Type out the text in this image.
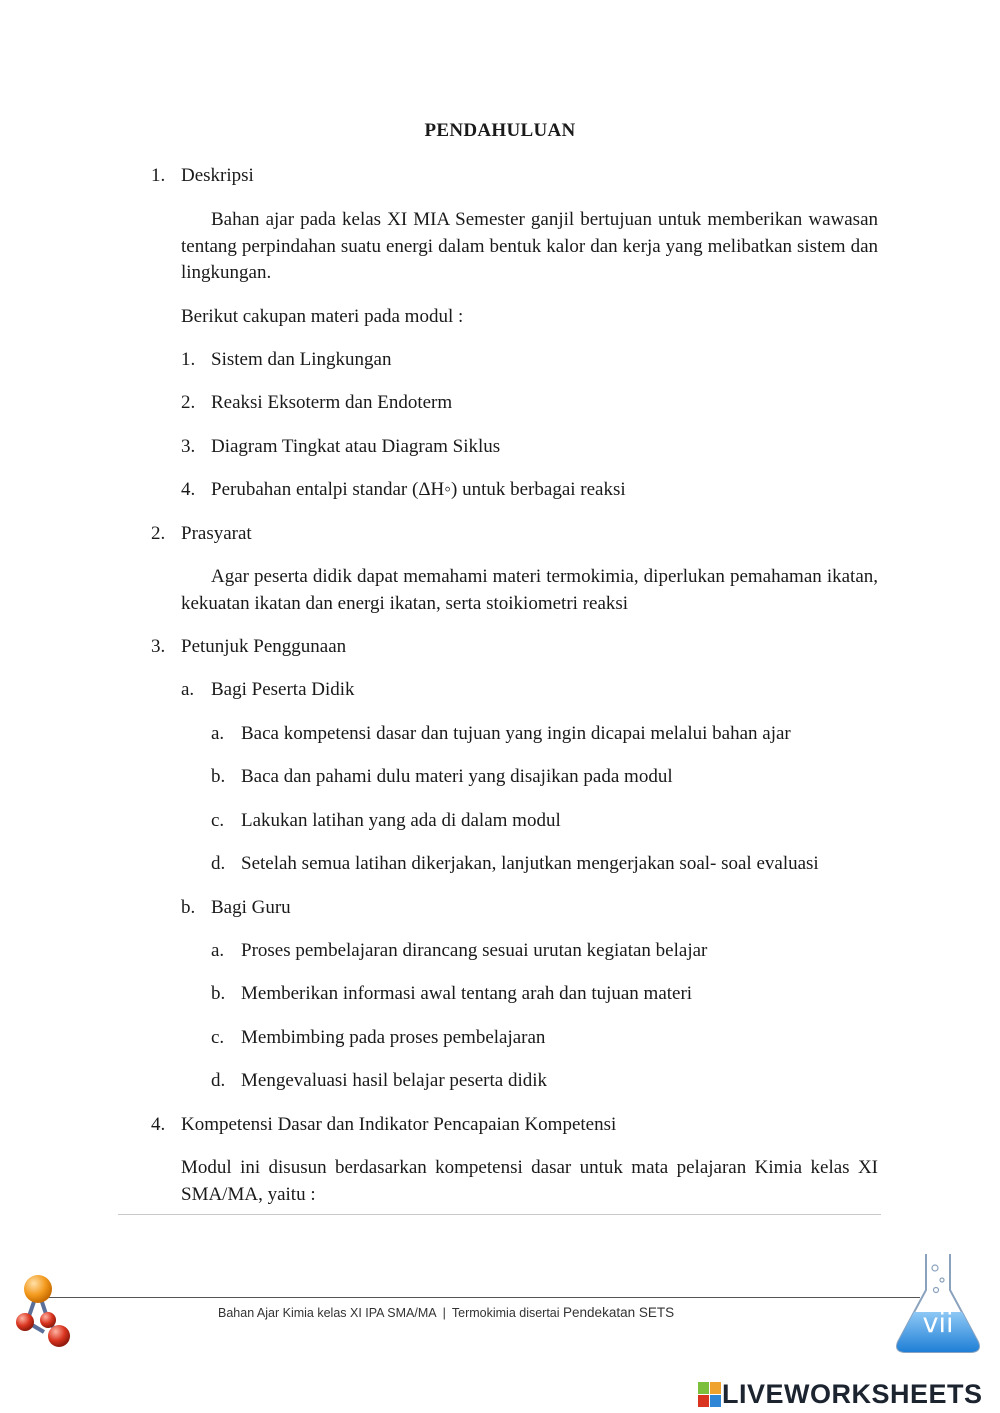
PENDAHULUAN
1. Deskripsi
Bahan ajar pada kelas XI MIA Semester ganjil bertujuan untuk memberikan wawasan tentang perpindahan suatu energi dalam bentuk kalor dan kerja yang melibatkan sistem dan lingkungan.
Berikut cakupan materi pada modul :
1. Sistem dan Lingkungan
2. Reaksi Eksoterm dan Endoterm
3. Diagram Tingkat atau Diagram Siklus
4. Perubahan entalpi standar (ΔH◦) untuk berbagai reaksi
2. Prasyarat
Agar peserta didik dapat memahami materi termokimia, diperlukan pemahaman ikatan, kekuatan ikatan dan energi ikatan, serta stoikiometri reaksi
3. Petunjuk Penggunaan
a. Bagi Peserta Didik
a. Baca kompetensi dasar dan tujuan yang ingin dicapai melalui bahan ajar
b. Baca dan pahami dulu materi yang disajikan pada modul
c. Lakukan latihan yang ada di dalam modul
d. Setelah semua latihan dikerjakan, lanjutkan mengerjakan soal- soal evaluasi
b. Bagi Guru
a. Proses pembelajaran dirancang sesuai urutan kegiatan belajar
b. Memberikan informasi awal tentang arah dan tujuan materi
c. Membimbing pada proses pembelajaran
d. Mengevaluasi hasil belajar peserta didik
4. Kompetensi Dasar dan Indikator Pencapaian Kompetensi
Modul ini disusun berdasarkan kompetensi dasar untuk mata pelajaran Kimia kelas XI SMA/MA, yaitu :
Bahan Ajar Kimia kelas XI IPA SMA/MA | Termokimia disertai Pendekatan SETS	vii
LIVEWORKSHEETS
